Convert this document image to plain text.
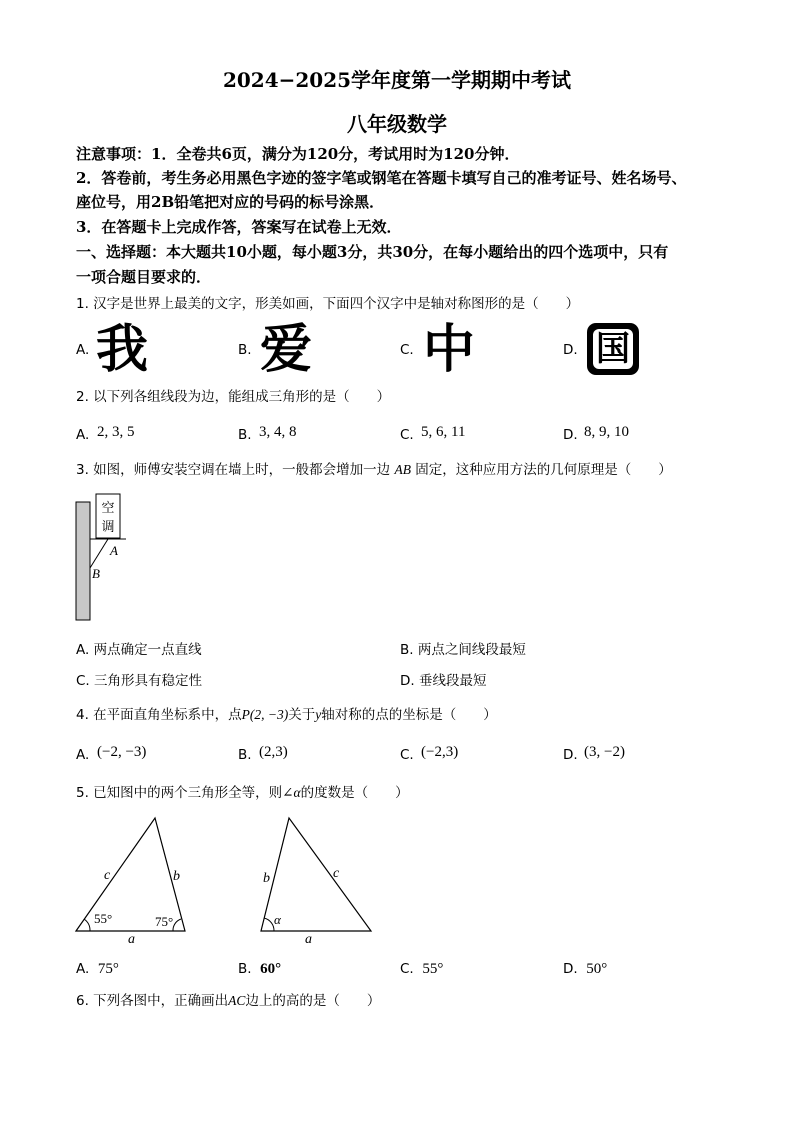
2024−2025学年度第一学期期中考试
八年级数学
注意事项：1．全卷共6页，满分为120分，考试用时为120分钟．
2．答卷前，考生务必用黑色字迹的签字笔或钢笔在答题卡填写自己的准考证号、姓名场号、
座位号，用2B铅笔把对应的号码的标号涂黑．
3．在答题卡上完成作答，答案写在试卷上无效．
一、选择题：本大题共10小题，每小题3分，共30分，在每小题给出的四个选项中，只有
一项合题目要求的．
1. 汉字是世界上最美的文字，形美如画，下面四个汉字中是轴对称图形的是（　　）
A. 我	B. 爱	C. 中	D. 国
2. 以下列各组线段为边，能组成三角形的是（　　）
A. 2, 3, 5	B. 3, 4, 8	C. 5, 6, 11	D. 8, 9, 10
3. 如图，师傅安装空调在墙上时，一般都会增加一边 AB 固定，这种应用方法的几何原理是（　　）
空
调
A
B
A. 两点确定一点直线	B. 两点之间线段最短
C. 三角形具有稳定性	D. 垂线段最短
4. 在平面直角坐标系中，点P(2, −3)关于y轴对称的点的坐标是（　　）
A. (−2, −3)	B. (2,3)	C. (−2,3)	D. (3, −2)
5. 已知图中的两个三角形全等，则∠α的度数是（　　）
c	b
a
55°	75°
b	c
a
α
A. 75°	B. 60°	C. 55°	D. 50°
6. 下列各图中，正确画出AC边上的高的是（　　）
